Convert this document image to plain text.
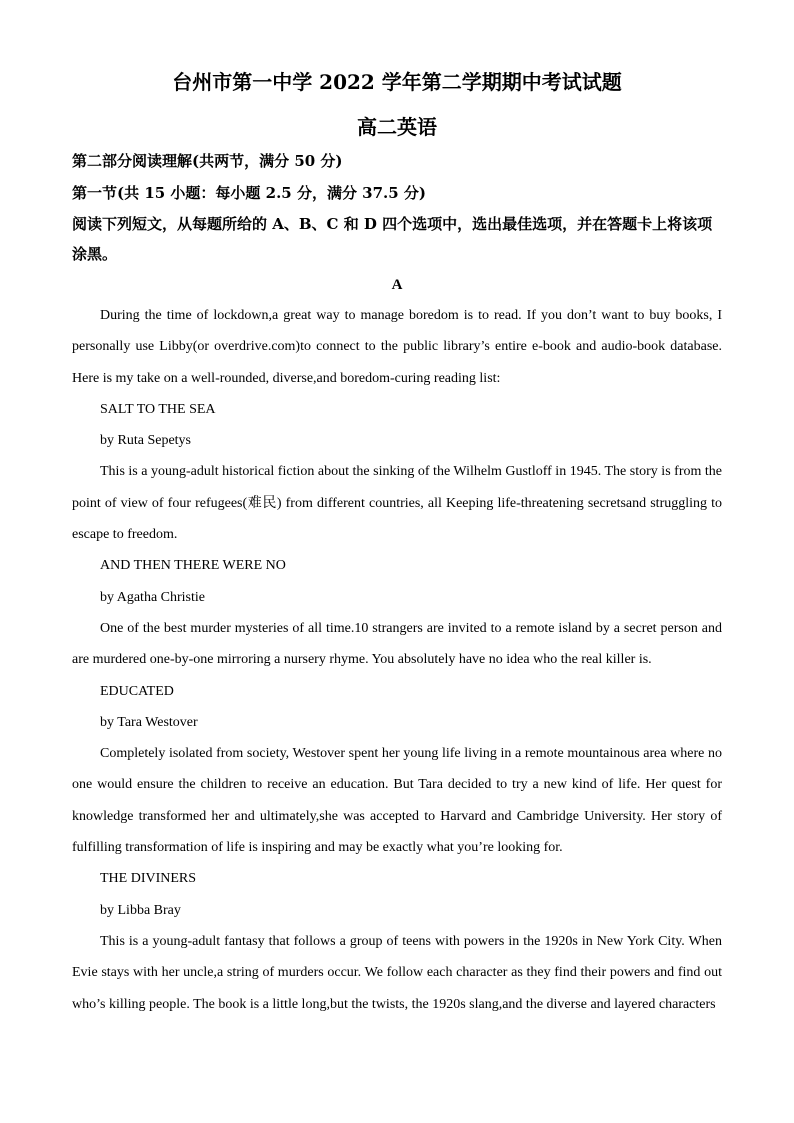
台州市第一中学 2022 学年第二学期期中考试试题
高二英语
第二部分阅读理解(共两节，满分 50 分)
第一节(共 15 小题：每小题 2.5 分，满分 37.5 分)
阅读下列短文，从每题所给的 A、B、C 和 D 四个选项中，选出最佳选项，并在答题卡上将该项涂黑。
A

During the time of lockdown,a great way to manage boredom is to read. If you don’t want to buy books, I personally use Libby(or overdrive.com)to connect to the public library’s entire e-book and audio-book database. Here is my take on a well-rounded, diverse,and boredom-curing reading list:

SALT TO THE SEA

by Ruta Sepetys

This is a young-adult historical fiction about the sinking of the Wilhelm Gustloff in 1945. The story is from the point of view of four refugees(难民) from different countries, all Keeping life-threatening secretsand struggling to escape to freedom.

AND THEN THERE WERE NO

by Agatha Christie

One of the best murder mysteries of all time.10 strangers are invited to a remote island by a secret person and are murdered one-by-one mirroring a nursery rhyme. You absolutely have no idea who the real killer is.

EDUCATED

by Tara Westover

Completely isolated from society, Westover spent her young life living in a remote mountainous area where no one would ensure the children to receive an education. But Tara decided to try a new kind of life. Her quest for knowledge transformed her and ultimately,she was accepted to Harvard and Cambridge University. Her story of fulfilling transformation of life is inspiring and may be exactly what you’re looking for.

THE DIVINERS

by Libba Bray

This is a young-adult fantasy that follows a group of teens with powers in the 1920s in New York City. When Evie stays with her uncle,a string of murders occur. We follow each character as they find their powers and find out who’s killing people. The book is a little long,but the twists, the 1920s slang,and the diverse and layered characters
